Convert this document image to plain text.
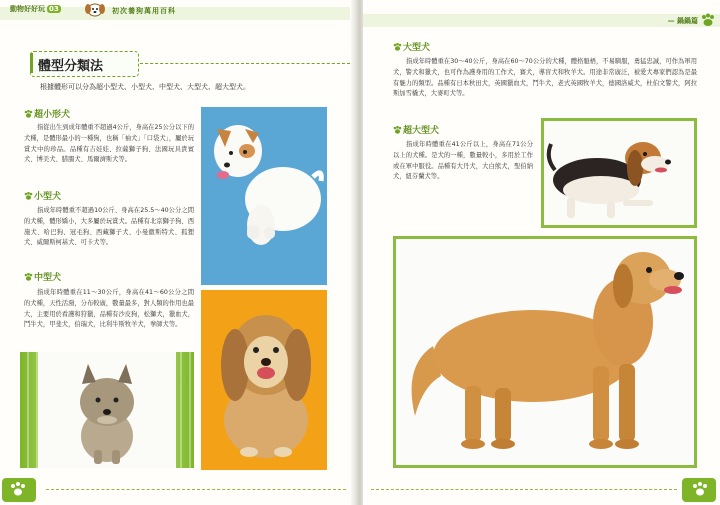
動物好好玩 03	初次養狗萬用百科
體型分類法
根據體形可以分為超小型犬、小型犬、中型犬、大型犬、超大型犬。
超小形犬
指從出生到成年體重不超過4公斤，身高在25公分以下的犬種，是體形最小的一種狗，也稱「袖犬」「口袋犬」，屬於玩賞犬中的珍品。品種有吉娃娃、拉薩獅子狗、法國玩具貴賓犬、博美犬、腊腸犬、馬爾濟斯犬等。
小型犬
指成年時體重不超過10公斤、身高在25.5～40公分之間的犬種，體形嬌小，大多屬於玩賞犬。品種有北京獅子狗、西施犬、哈巴狗、冠毛狗、西藏獅子犬、小曼徹斯特犬、狐狸犬、威爾斯柯基犬、可卡犬等。
中型犬
指成年時體重在11～30公斤，身高在41～60公分之間的犬種，天性活潑，分布較廣，數量最多，對人類的作用也最大，主要用於看護和狩獵，品種有沙皮狗，松獅犬，獵血犬，鬥牛犬，甲斐犬，伯瑞犬，比利牛斯牧羊犬，拳師犬等。
— 鍋鍋篇
大型犬
指成年時體重在30～40公斤，身高在60～70公分的犬種，體格魁梧，不易馴服，勇猛忠誠，可作為軍用犬，警犬和獵犬，也可作為護身用的工作犬，賽犬，導盲犬和牧羊犬。用途非常廣泛，被愛犬專家們認為是最有魅力的類型。品種有日本秋田犬，英國獵血犬，鬥牛犬，老式英國牧羊犬，德國洛威犬，杜伯文警犬，阿拉斯加雪橇犬，大麥町犬等。
超大型犬
指成年時體重在41公斤以上，身高在71公分以上的犬種。是犬的一種，數量較小，多用於工作或在軍中服役。品種有大丹犬，大白熊犬，聖伯納犬，紐芬蘭犬等。
